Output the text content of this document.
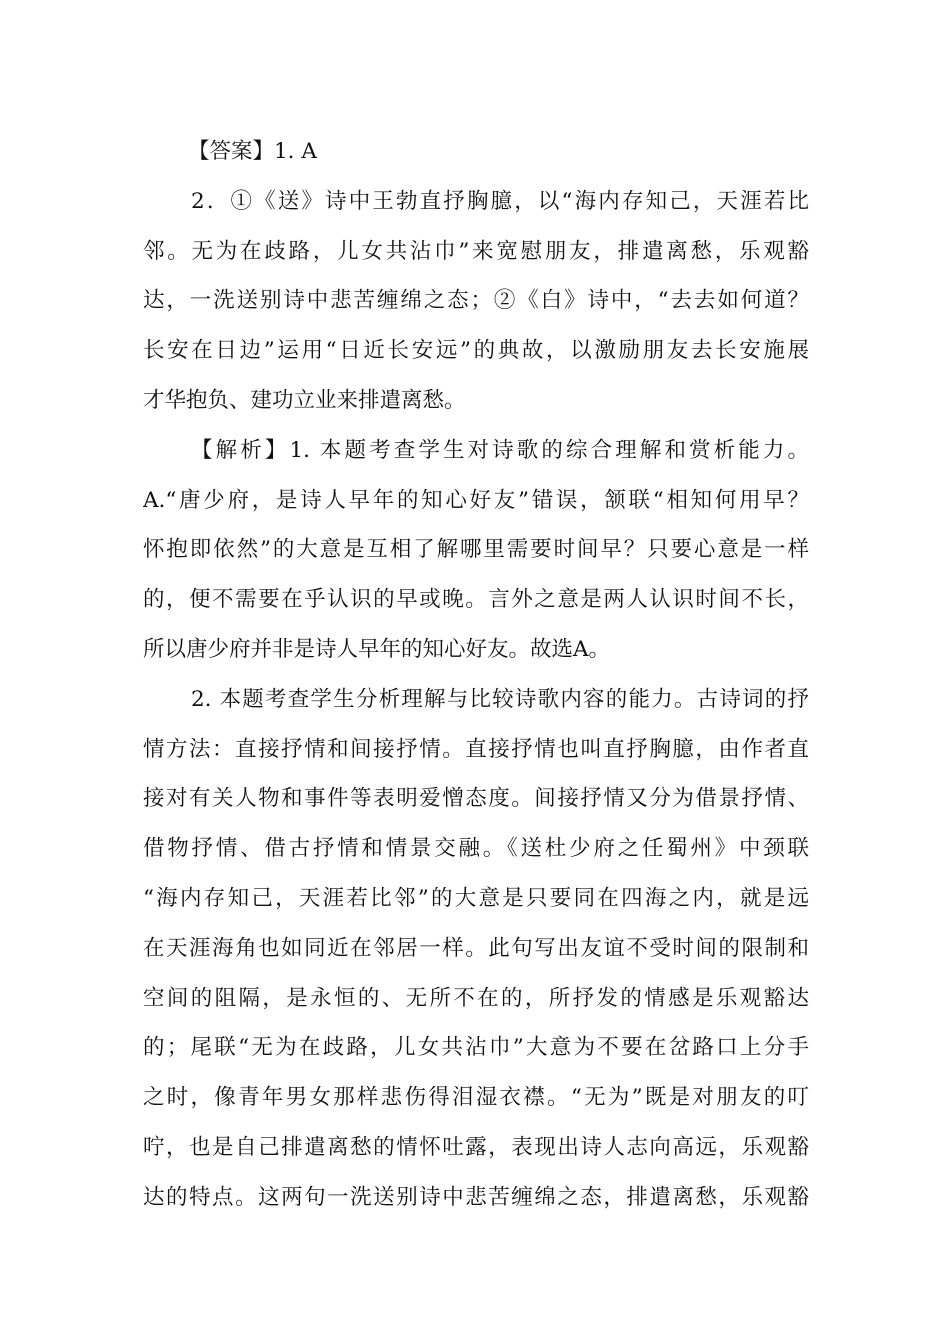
【答案】1. A
2．①《送》诗中王勃直抒胸臆，以“海内存知己，天涯若比
邻。无为在歧路，儿女共沾巾”来宽慰朋友，排遣离愁，乐观豁
达，一洗送别诗中悲苦缠绵之态；②《白》诗中，“去去如何道？
长安在日边”运用“日近长安远”的典故，以激励朋友去长安施展
才华抱负、建功立业来排遣离愁。
【解析】1. 本题考查学生对诗歌的综合理解和赏析能力。
A.“唐少府，是诗人早年的知心好友”错误，颔联“相知何用早？
怀抱即依然”的大意是互相了解哪里需要时间早？只要心意是一样
的，便不需要在乎认识的早或晚。言外之意是两人认识时间不长，
所以唐少府并非是诗人早年的知心好友。故选A。
2. 本题考查学生分析理解与比较诗歌内容的能力。古诗词的抒
情方法：直接抒情和间接抒情。直接抒情也叫直抒胸臆，由作者直
接对有关人物和事件等表明爱憎态度。间接抒情又分为借景抒情、
借物抒情、借古抒情和情景交融。《送杜少府之任蜀州》中颈联
“海内存知己，天涯若比邻”的大意是只要同在四海之内，就是远
在天涯海角也如同近在邻居一样。此句写出友谊不受时间的限制和
空间的阻隔，是永恒的、无所不在的，所抒发的情感是乐观豁达
的；尾联“无为在歧路，儿女共沾巾”大意为不要在岔路口上分手
之时，像青年男女那样悲伤得泪湿衣襟。“无为”既是对朋友的叮
咛，也是自己排遣离愁的情怀吐露，表现出诗人志向高远，乐观豁
达的特点。这两句一洗送别诗中悲苦缠绵之态，排遣离愁，乐观豁
